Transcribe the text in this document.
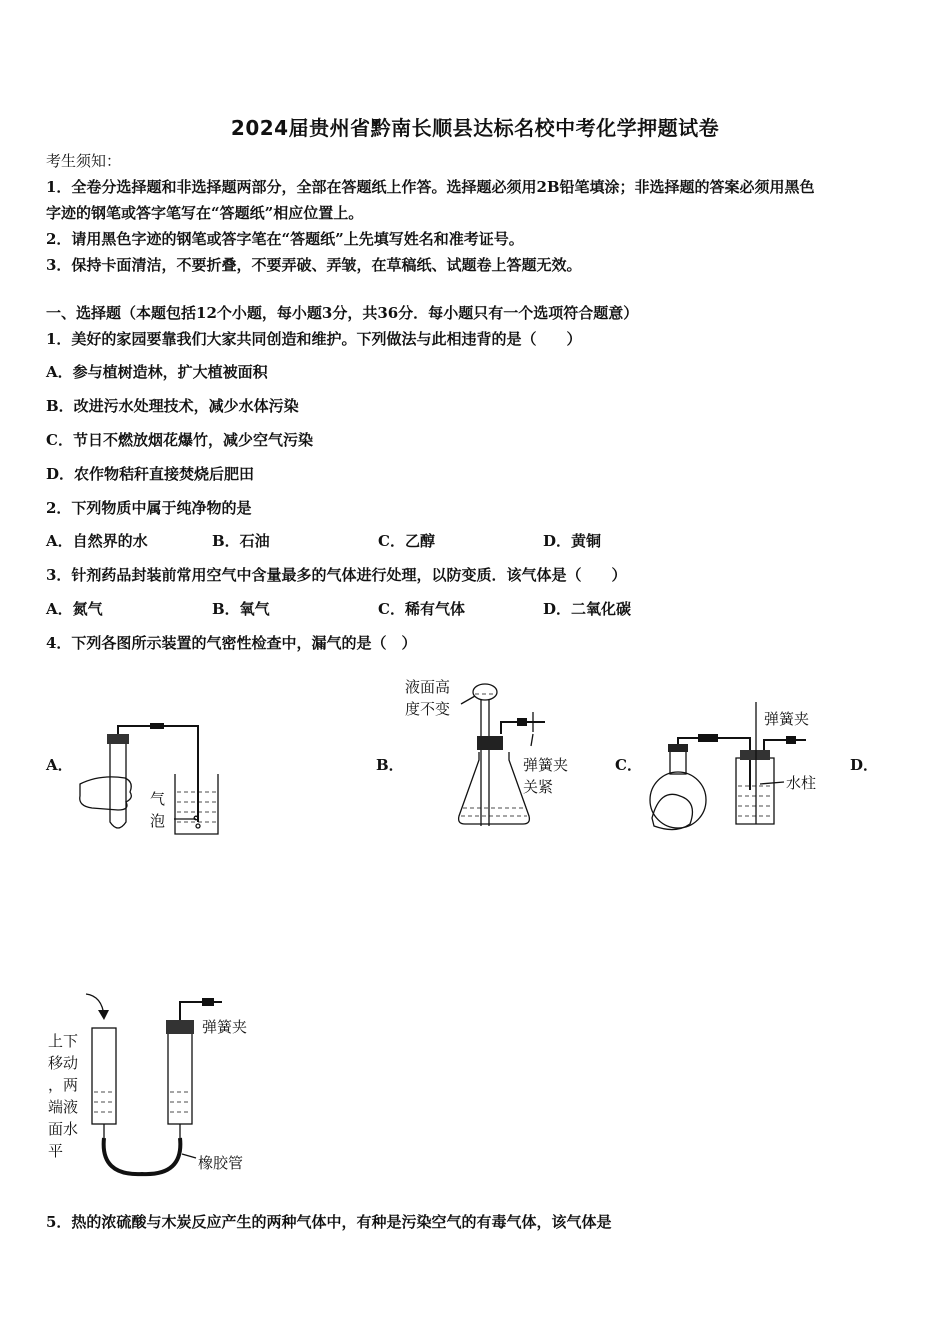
2024届贵州省黔南长顺县达标名校中考化学押题试卷
考生须知：
1．全卷分选择题和非选择题两部分，全部在答题纸上作答。选择题必须用2B铅笔填涂；非选择题的答案必须用黑色
字迹的钢笔或答字笔写在“答题纸”相应位置上。
2．请用黑色字迹的钢笔或答字笔在“答题纸”上先填写姓名和准考证号。
3．保持卡面清洁，不要折叠，不要弄破、弄皱，在草稿纸、试题卷上答题无效。
一、选择题（本题包括12个小题，每小题3分，共36分．每小题只有一个选项符合题意）
1．美好的家园要靠我们大家共同创造和维护。下列做法与此相违背的是（　　）
A．参与植树造林，扩大植被面积
B．改进污水处理技术，减少水体污染
C．节日不燃放烟花爆竹，减少空气污染
D．农作物秸秆直接焚烧后肥田
2．下列物质中属于纯净物的是
A．自然界的水	B．石油	C．乙醇	D．黄铜
3．针剂药品封装前常用空气中含量最多的气体进行处理，以防变质．该气体是（　　）
A．氮气	B．氧气	C．稀有气体	D．二氧化碳
4．下列各图所示装置的气密性检查中，漏气的是（　）
A．	B．	C．	D．
气
泡
液面高
度不变
弹簧夹
关紧
弹簧夹
水柱
弹簧夹
橡胶管
上下
移动
，两
端液
面水
平
5．热的浓硫酸与木炭反应产生的两种气体中，有种是污染空气的有毒气体，该气体是
